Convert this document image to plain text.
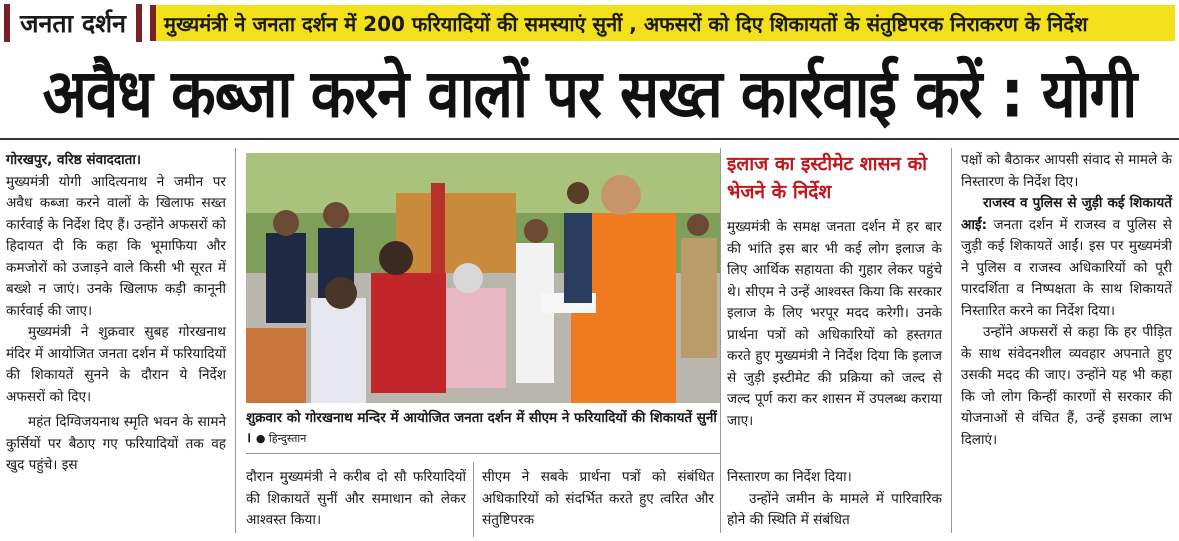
जनता दर्शन	मुख्यमंत्री ने जनता दर्शन में 200 फरियादियों की समस्याएं सुनीं , अफसरों को दिए शिकायतों के संतुष्टिपरक निराकरण के निर्देश
अवैध कब्जा करने वालों पर सख्त कार्रवाई करें : योगी

गोरखपुर, वरिष्ठ संवाददाता।

मुख्यमंत्री योगी आदित्यनाथ ने जमीन पर अवैध कब्जा करने वालों के खिलाफ सख्त कार्रवाई के निर्देश दिए हैं। उन्होंने अफसरों को हिदायत दी कि कहा कि भूमाफिया और कमजोरों को उजाड़ने वाले किसी भी सूरत में बख्शे न जाएं। उनके खिलाफ कड़ी कानूनी कार्रवाई की जाए।

मुख्यमंत्री ने शुक्रवार सुबह गोरखनाथ मंदिर में आयोजित जनता दर्शन में फरियादियों की शिकायतें सुनने के दौरान ये निर्देश अफसरों को दिए।

महंत दिग्विजयनाथ स्मृति भवन के सामने कुर्सियों पर बैठाए गए फरियादियों तक वह खुद पहुंचे। इस

शुक्रवार को गोरखनाथ मन्दिर में आयोजित जनता दर्शन में सीएम ने फरियादियों की शिकायतें सुनीं । ● हिन्दुस्तान

दौरान मुख्यमंत्री ने करीब दो सौ फरियादियों की शिकायतें सुनीं और समाधान को लेकर आश्वस्त किया।

सीएम ने सबके प्रार्थना पत्रों को संबंधित अधिकारियों को संदर्भित करते हुए त्वरित और संतुष्टिपरक

इलाज का इस्टीमेट शासन को भेजने के निर्देश

मुख्यमंत्री के समक्ष जनता दर्शन में हर बार की भांति इस बार भी कई लोग इलाज के लिए आर्थिक सहायता की गुहार लेकर पहुंचे थे। सीएम ने उन्हें आश्वस्त किया कि सरकार इलाज के लिए भरपूर मदद करेगी। उनके प्रार्थना पत्रों को अधिकारियों को हस्तगत करते हुए मुख्यमंत्री ने निर्देश दिया कि इलाज से जुड़ी इस्टीमेट की प्रक्रिया को जल्द से जल्द पूर्ण करा कर शासन में उपलब्ध कराया जाए।

निस्तारण का निर्देश दिया।

उन्होंने जमीन के मामले में पारिवारिक होने की स्थिति में संबंधित

पक्षों को बैठाकर आपसी संवाद से मामले के निस्तारण के निर्देश दिए।

राजस्व व पुलिस से जुड़ी कई शिकायतें आईं: जनता दर्शन में राजस्व व पुलिस से जुड़ी कई शिकायतें आईं। इस पर मुख्यमंत्री ने पुलिस व राजस्व अधिकारियों को पूरी पारदर्शिता व निष्पक्षता के साथ शिकायतें निस्तारित करने का निर्देश दिया।

उन्होंने अफसरों से कहा कि हर पीड़ित के साथ संवेदनशील व्यवहार अपनाते हुए उसकी मदद की जाए। उन्होंने यह भी कहा कि जो लोग किन्हीं कारणों से सरकार की योजनाओं से वंचित हैं, उन्हें इसका लाभ दिलाएं।
